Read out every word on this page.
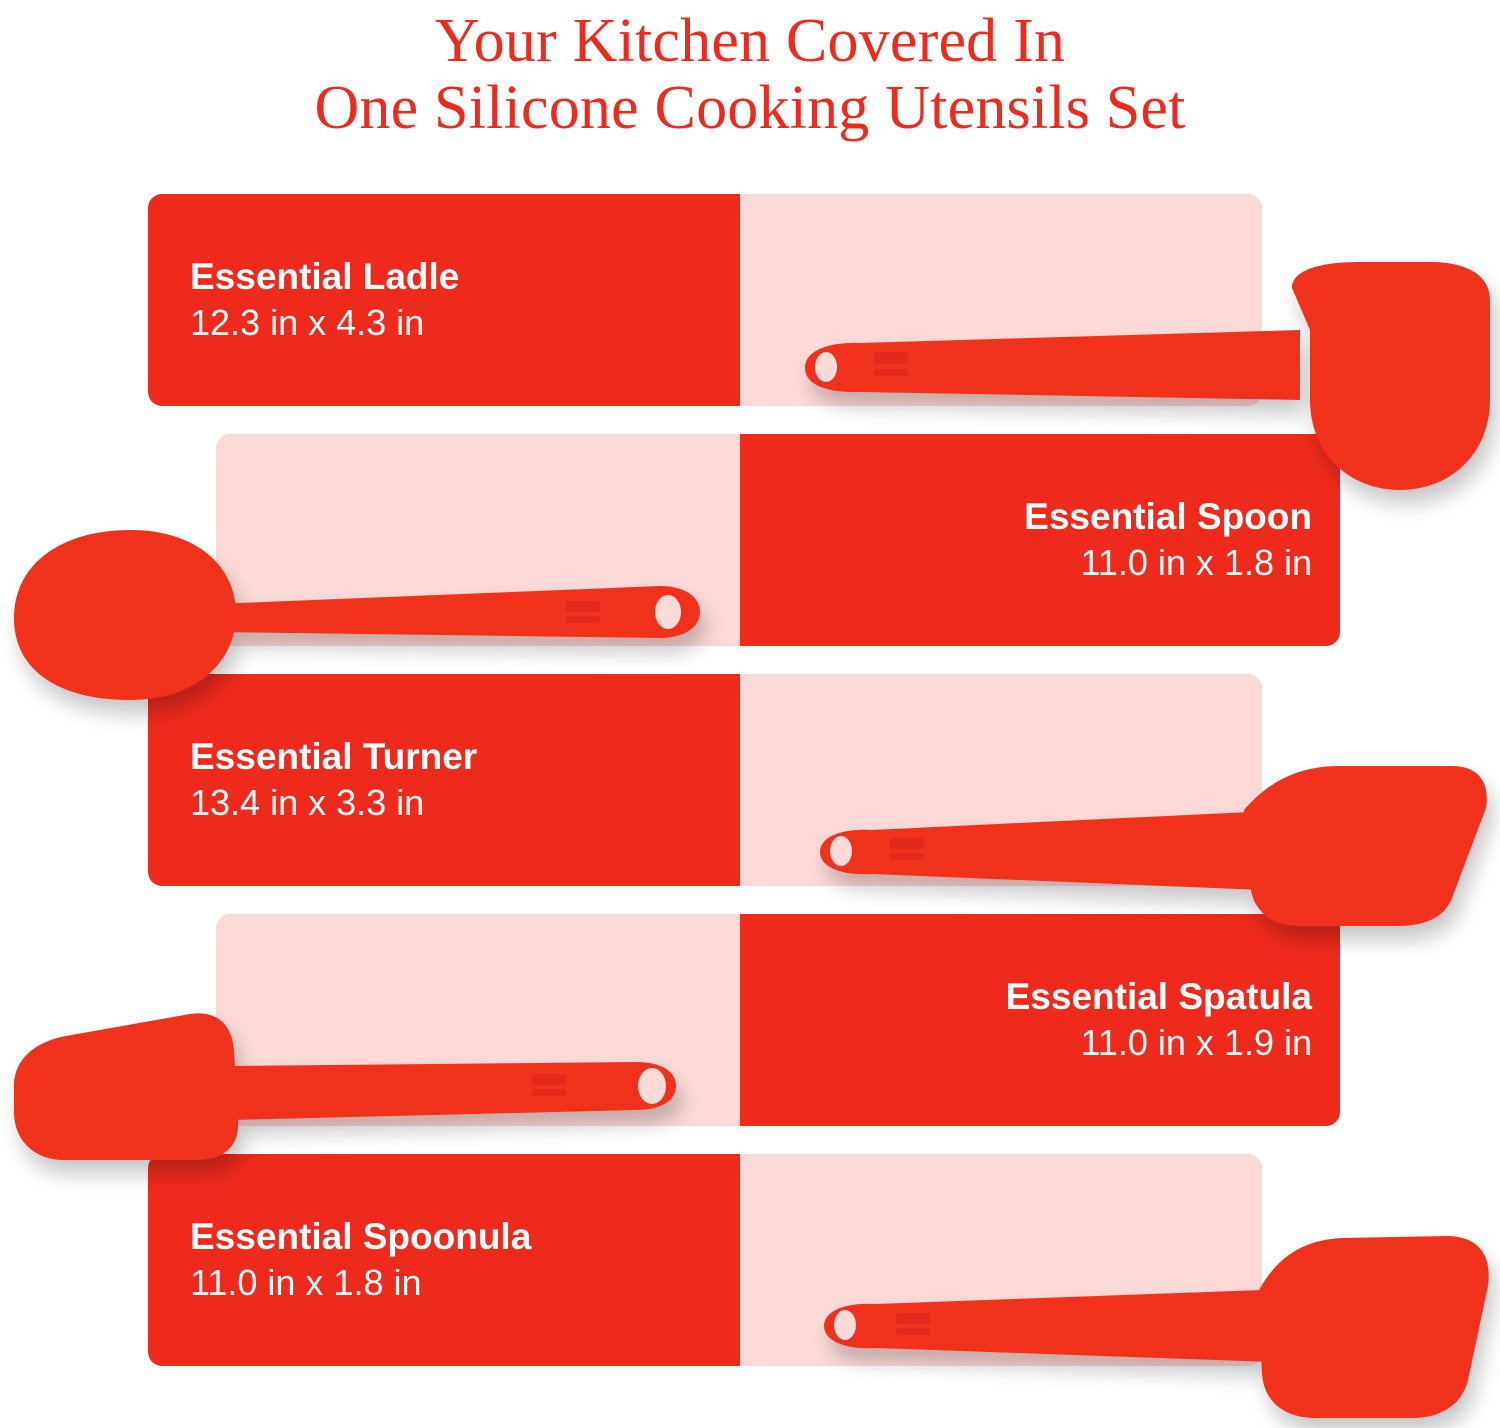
Your Kitchen Covered In
One Silicone Cooking Utensils Set
Essential Ladle
12.3 in x 4.3 in
Essential Spoon
11.0 in x 1.8 in
Essential Turner
13.4 in x 3.3 in
Essential Spatula
11.0 in x 1.9 in
Essential Spoonula
11.0 in x 1.8 in
